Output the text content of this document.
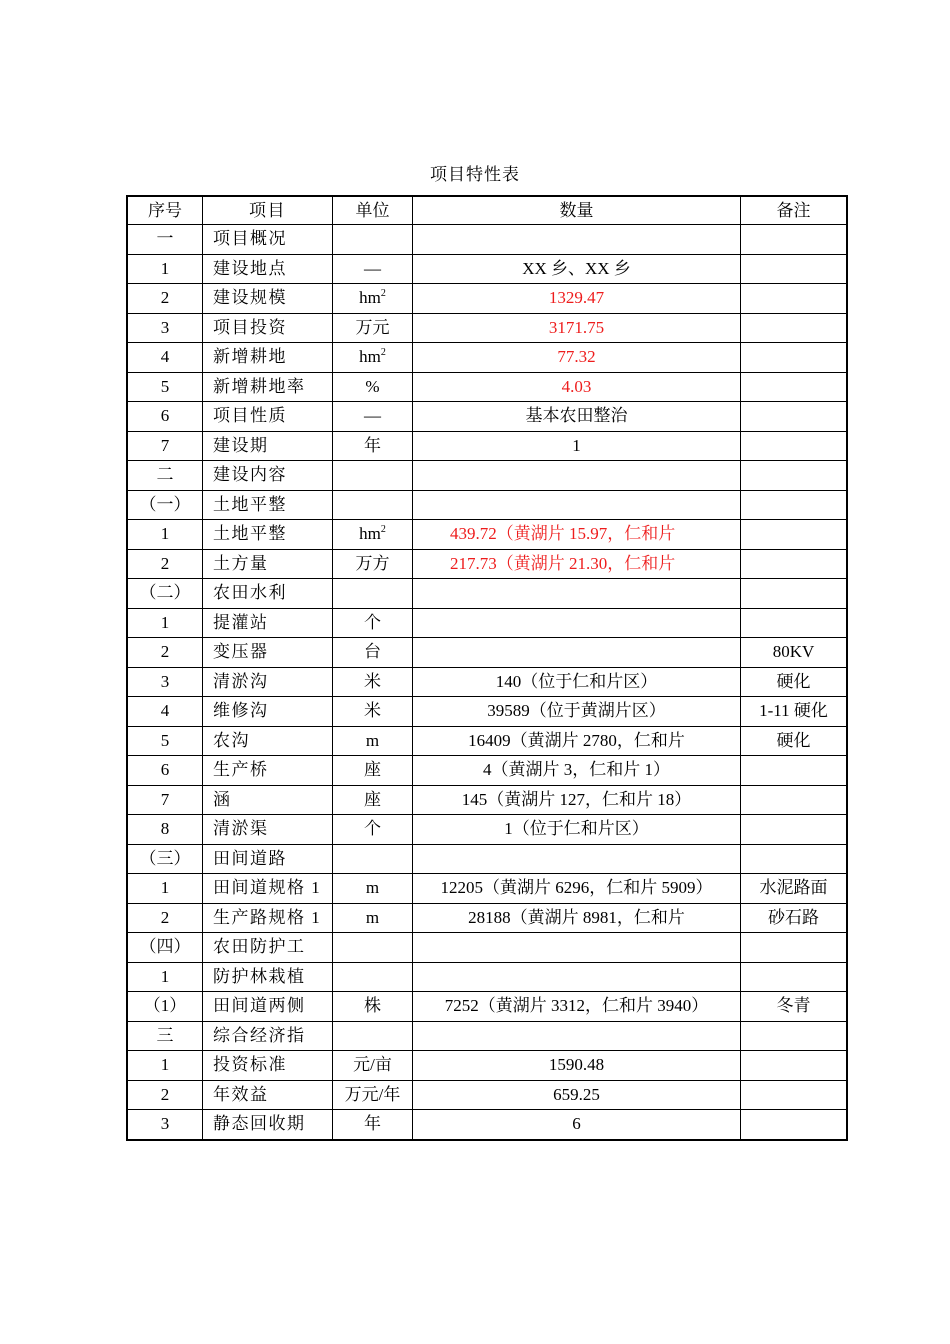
项目特性表
序号	项目	单位	数量	备注
一	项目概况			
1	建设地点	—	XX 乡、XX 乡	
2	建设规模	$hm^2$	1329.47	
3	项目投资	万元	3171.75	
4	新增耕地	$hm^2$	77.32	
5	新增耕地率	%	4.03	
6	项目性质	—	基本农田整治	
7	建设期	年	1	
二	建设内容			
（一）	土地平整			
1	土地平整	$hm^2$	439.72（黄湖片 15.97，仁和片	
2	土方量	万方	217.73（黄湖片 21.30，仁和片	
（二）	农田水利			
1	提灌站	个		
2	变压器	台		80KV
3	清淤沟	米	140（位于仁和片区）	硬化
4	维修沟	米	39589（位于黄湖片区）	1-11 硬化
5	农沟	m	16409（黄湖片 2780，仁和片	硬化
6	生产桥	座	4（黄湖片 3，仁和片 1）	
7	涵	座	145（黄湖片 127，仁和片 18）	
8	清淤渠	个	1（位于仁和片区）	
（三）	田间道路			
1	田间道规格 1	m	12205（黄湖片 6296，仁和片 5909）	水泥路面
2	生产路规格 1	m	28188（黄湖片 8981，仁和片	砂石路
（四）	农田防护工			
1	防护林栽植			
（1）	田间道两侧	株	7252（黄湖片 3312，仁和片 3940）	冬青
三	综合经济指			
1	投资标准	元/亩	1590.48	
2	年效益	万元/年	659.25	
3	静态回收期	年	6	
